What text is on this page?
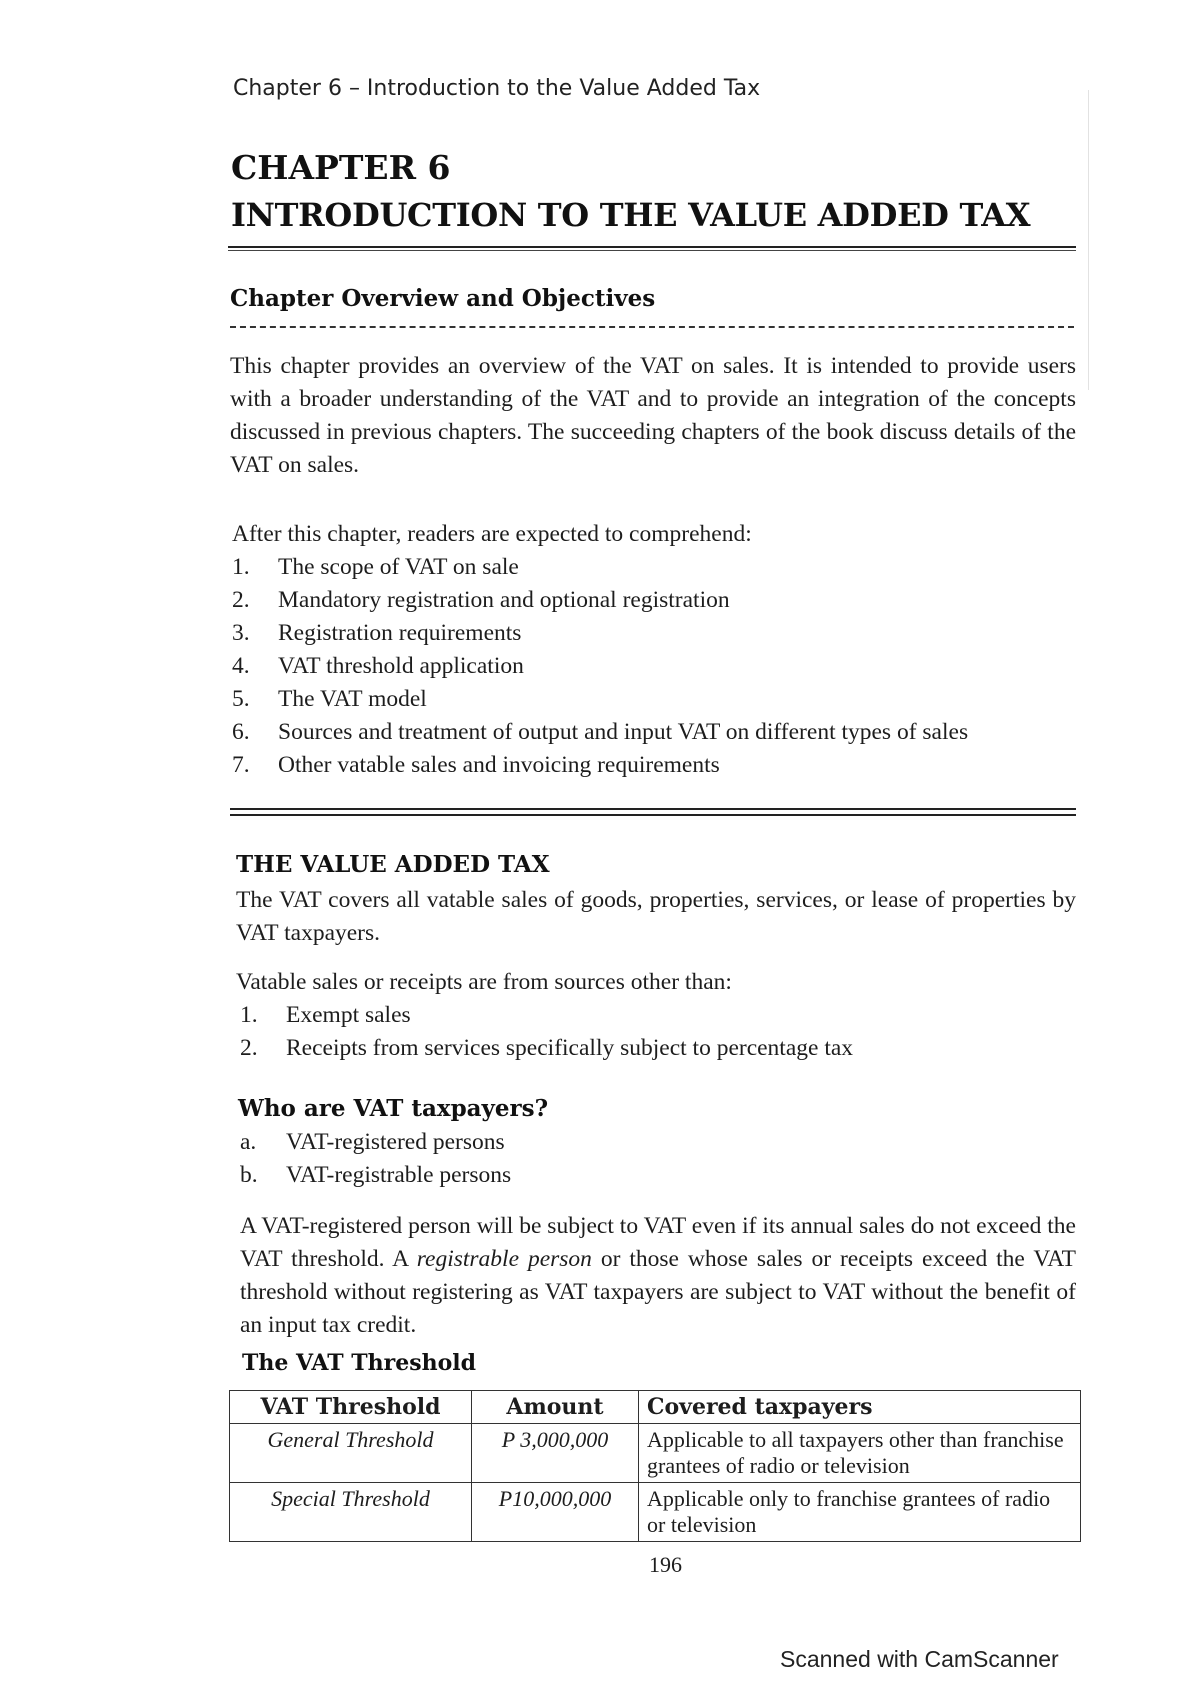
Chapter 6 – Introduction to the Value Added Tax
CHAPTER 6
INTRODUCTION TO THE VALUE ADDED TAX
Chapter Overview and Objectives
This chapter provides an overview of the VAT on sales. It is intended to provide users with a broader understanding of the VAT and to provide an integration of the concepts discussed in previous chapters. The succeeding chapters of the book discuss details of the VAT on sales.
After this chapter, readers are expected to comprehend:
1.	The scope of VAT on sale
2.	Mandatory registration and optional registration
3.	Registration requirements
4.	VAT threshold application
5.	The VAT model
6.	Sources and treatment of output and input VAT on different types of sales
7.	Other vatable sales and invoicing requirements
THE VALUE ADDED TAX
The VAT covers all vatable sales of goods, properties, services, or lease of properties by VAT taxpayers.
Vatable sales or receipts are from sources other than:
1.	Exempt sales
2.	Receipts from services specifically subject to percentage tax
Who are VAT taxpayers?
a.	VAT-registered persons
b.	VAT-registrable persons
A VAT-registered person will be subject to VAT even if its annual sales do not exceed the VAT threshold. A registrable person or those whose sales or receipts exceed the VAT threshold without registering as VAT taxpayers are subject to VAT without the benefit of an input tax credit.
The VAT Threshold
VAT Threshold	Amount	Covered taxpayers
General Threshold	P 3,000,000	Applicable to all taxpayers other than franchise grantees of radio or television
Special Threshold	P10,000,000	Applicable only to franchise grantees of radio or television
196
Scanned with CamScanner
